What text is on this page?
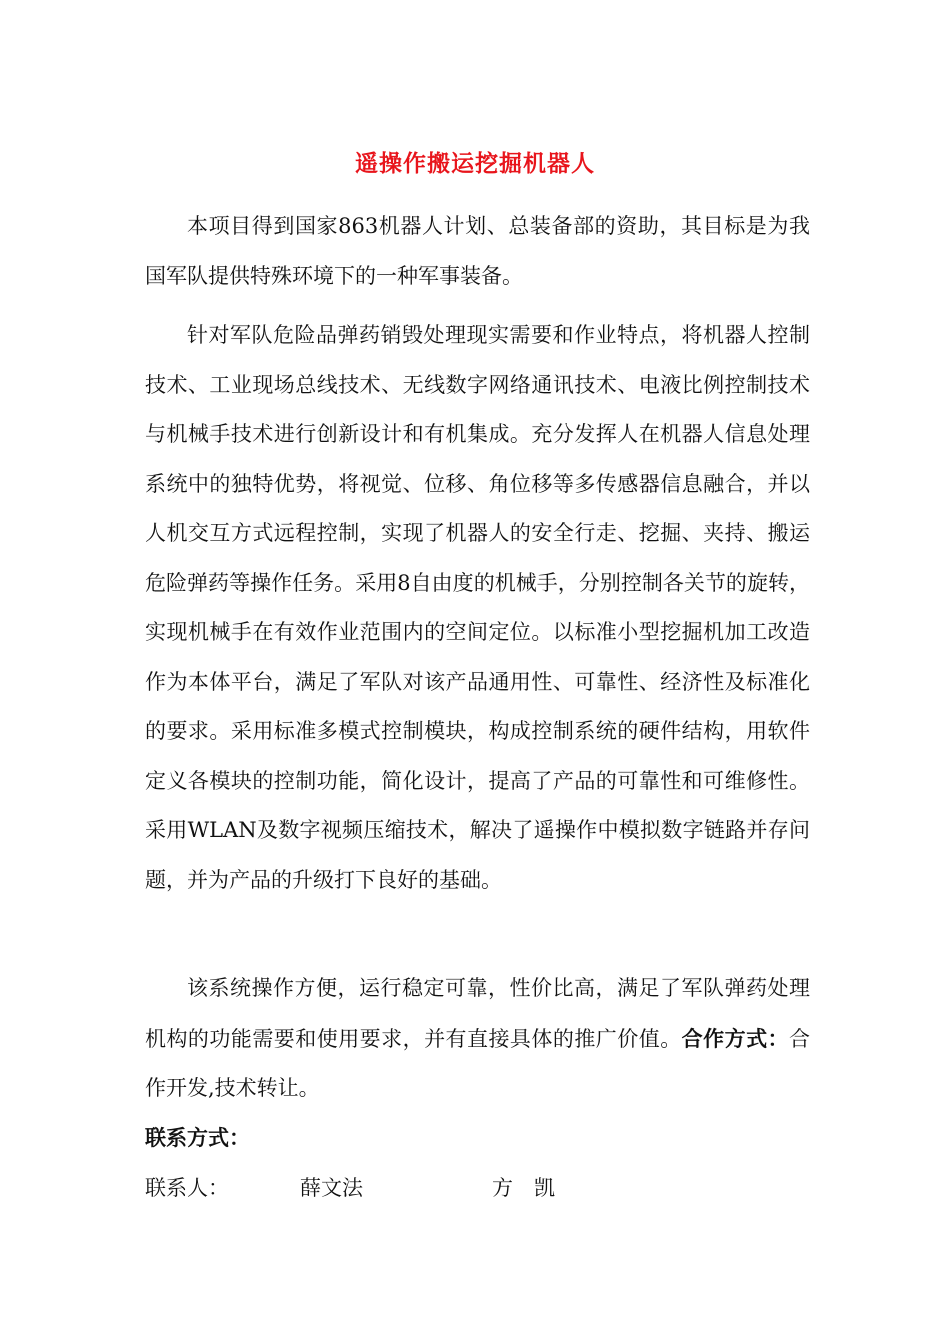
遥操作搬运挖掘机器人

本项目得到国家863机器人计划、总装备部的资助，其目标是为我国军队提供特殊环境下的一种军事装备。

针对军队危险品弹药销毁处理现实需要和作业特点，将机器人控制技术、工业现场总线技术、无线数字网络通讯技术、电液比例控制技术与机械手技术进行创新设计和有机集成。充分发挥人在机器人信息处理系统中的独特优势，将视觉、位移、角位移等多传感器信息融合，并以人机交互方式远程控制，实现了机器人的安全行走、挖掘、夹持、搬运危险弹药等操作任务。采用8自由度的机械手，分别控制各关节的旋转，实现机械手在有效作业范围内的空间定位。以标准小型挖掘机加工改造作为本体平台，满足了军队对该产品通用性、可靠性、经济性及标准化的要求。采用标准多模式控制模块，构成控制系统的硬件结构，用软件定义各模块的控制功能，简化设计，提高了产品的可靠性和可维修性。采用WLAN及数字视频压缩技术，解决了遥操作中模拟数字链路并存问题，并为产品的升级打下良好的基础。

该系统操作方便，运行稳定可靠，性价比高，满足了军队弹药处理机构的功能需要和使用要求，并有直接具体的推广价值。合作方式：合作开发,技术转让。

联系方式：
联系人：	薛文法	方　凯
